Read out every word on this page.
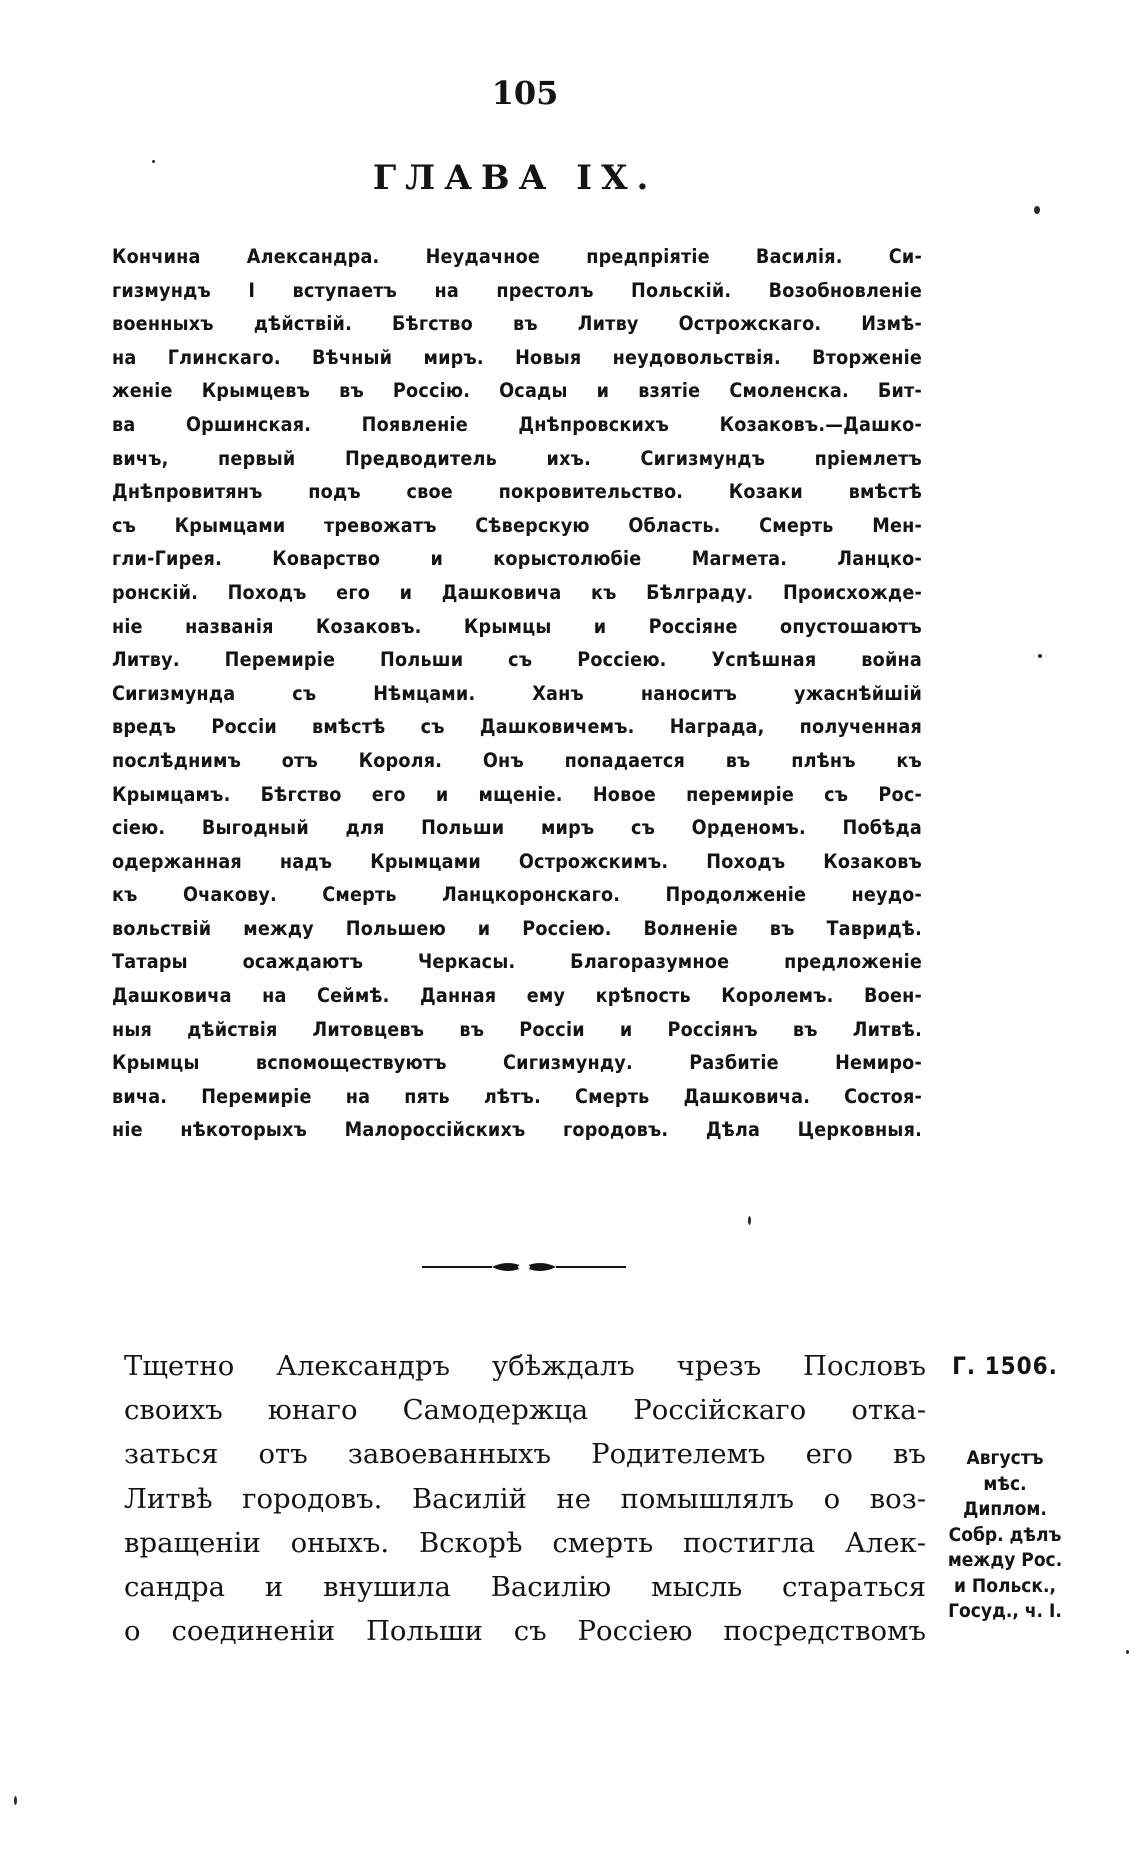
105
ГЛАВА IX.
Кончина Александра. Неудачное предпріятіе Василія. Си-
гизмундъ I вступаетъ на престолъ Польскій. Возобновленіе
военныхъ дѣйствій. Бѣгство въ Литву Острожскаго. Измѣ-
на Глинскаго. Вѣчный миръ. Новыя неудовольствія. Вторженіе
женіе Крымцевъ въ Россію. Осады и взятіе Смоленска. Бит-
ва Оршинская. Появленіе Днѣпровскихъ Козаковъ.—Дашко-
вичъ, первый Предводитель ихъ. Сигизмундъ пріемлетъ
Днѣпровитянъ подъ свое покровительство. Козаки вмѣстѣ
съ Крымцами тревожатъ Сѣверскую Область. Смерть Мен-
гли-Гирея. Коварство и корыстолюбіе Магмета. Ланцко-
ронскій. Походъ его и Дашковича къ Бѣлграду. Происхожде-
ніе названія Козаковъ. Крымцы и Россіяне опустошаютъ
Литву. Перемиріе Польши съ Россіею. Успѣшная война
Сигизмунда съ Нѣмцами. Ханъ наноситъ ужаснѣйшій
вредъ Россіи вмѣстѣ съ Дашковичемъ. Награда, полученная
послѣднимъ отъ Короля. Онъ попадается въ плѣнъ къ
Крымцамъ. Бѣгство его и мщеніе. Новое перемиріе съ Рос-
сіею. Выгодный для Польши миръ съ Орденомъ. Побѣда
одержанная надъ Крымцами Острожскимъ. Походъ Козаковъ
къ Очакову. Смерть Ланцкоронскаго. Продолженіе неудо-
вольствій между Польшею и Россіею. Волненіе въ Тавридѣ.
Татары осаждаютъ Черкасы. Благоразумное предложеніе
Дашковича на Сеймѣ. Данная ему крѣпость Королемъ. Воен-
ныя дѣйствія Литовцевъ въ Россіи и Россіянъ въ Литвѣ.
Крымцы вспомоществуютъ Сигизмунду. Разбитіе Немиро-
вича. Перемиріе на пять лѣтъ. Смерть Дашковича. Состоя-
ніе нѣкоторыхъ Малороссійскихъ городовъ. Дѣла Церковныя.
Тщетно Александръ убѣждалъ чрезъ Пословъ
своихъ юнаго Самодержца Россійскаго отка-
заться отъ завоеванныхъ Родителемъ его въ
Литвѣ городовъ. Василій не помышлялъ о воз-
вращеніи оныхъ. Вскорѣ смерть постигла Алек-
сандра и внушила Василію мысль стараться
о соединеніи Польши съ Россіею посредствомъ
Г. 1506.
Августъ
мѣс.
Диплом.
Собр. дѣлъ
между Рос.
и Польск.,
Госуд., ч. I.
